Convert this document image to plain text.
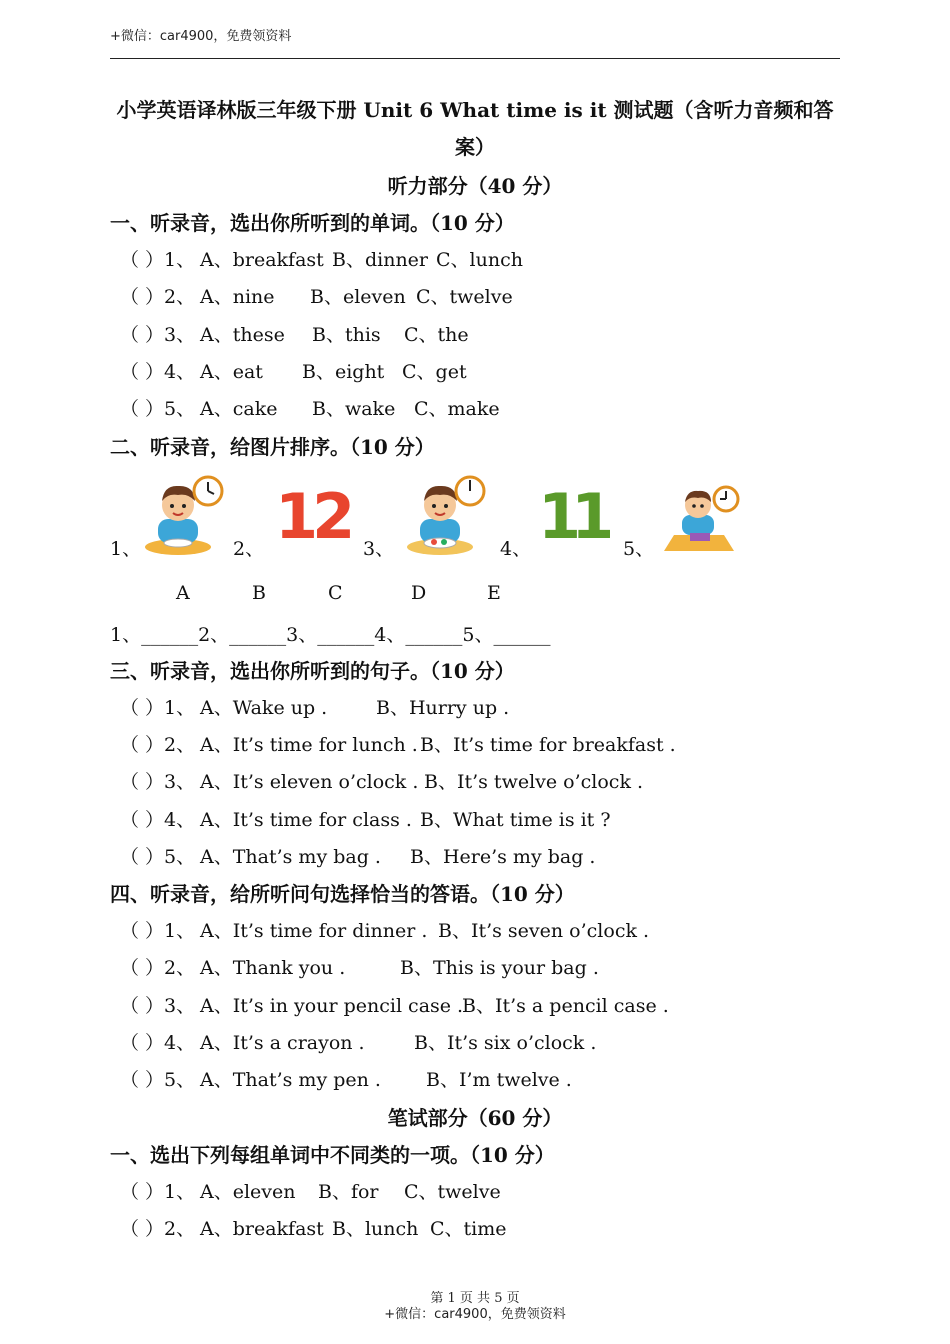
+微信：car4900，免费领资料
小学英语译林版三年级下册 Unit 6 What time is it 测试题（含听力音频和答
案）
听力部分（40 分）
一、听录音，选出你所听到的单词。（10 分）
（ ）1、 A、breakfast B、dinner C、lunch
（ ）2、 A、nine B、eleven C、twelve
（ ）3、 A、these B、this C、the
（ ）4、 A、eat B、eight C、get
（ ）5、 A、cake B、wake C、make
二、听录音，给图片排序。（10 分）
1、	2、 12 3、	4、 11 5、
A	B	C	D	E
1、______2、______3、______4、______5、______
三、听录音，选出你所听到的句子。（10 分）
（ ）1、 A、Wake up .	B、Hurry up .
（ ）2、 A、It’s time for lunch . B、It’s time for breakfast .
（ ）3、 A、It’s eleven o’clock . B、It’s twelve o’clock .
（ ）4、 A、It’s time for class . B、What time is it ?
（ ）5、 A、That’s my bag . B、Here’s my bag .
四、听录音，给所听问句选择恰当的答语。（10 分）
（ ）1、 A、It’s time for dinner . B、It’s seven o’clock .
（ ）2、 A、Thank you .	B、This is your bag .
（ ）3、 A、It’s in your pencil case .
B、It’s a pencil case .
（ ）4、 A、It’s a crayon .	B、It’s six o’clock .
（ ）5、 A、That’s my pen . B、I’m twelve .
笔试部分（60 分）
一、选出下列每组单词中不同类的一项。（10 分）
（ ）1、 A、eleven B、for C、twelve
（ ）2、 A、breakfast B、lunch C、time
第 1 页 共 5 页
+微信：car4900，免费领资料
